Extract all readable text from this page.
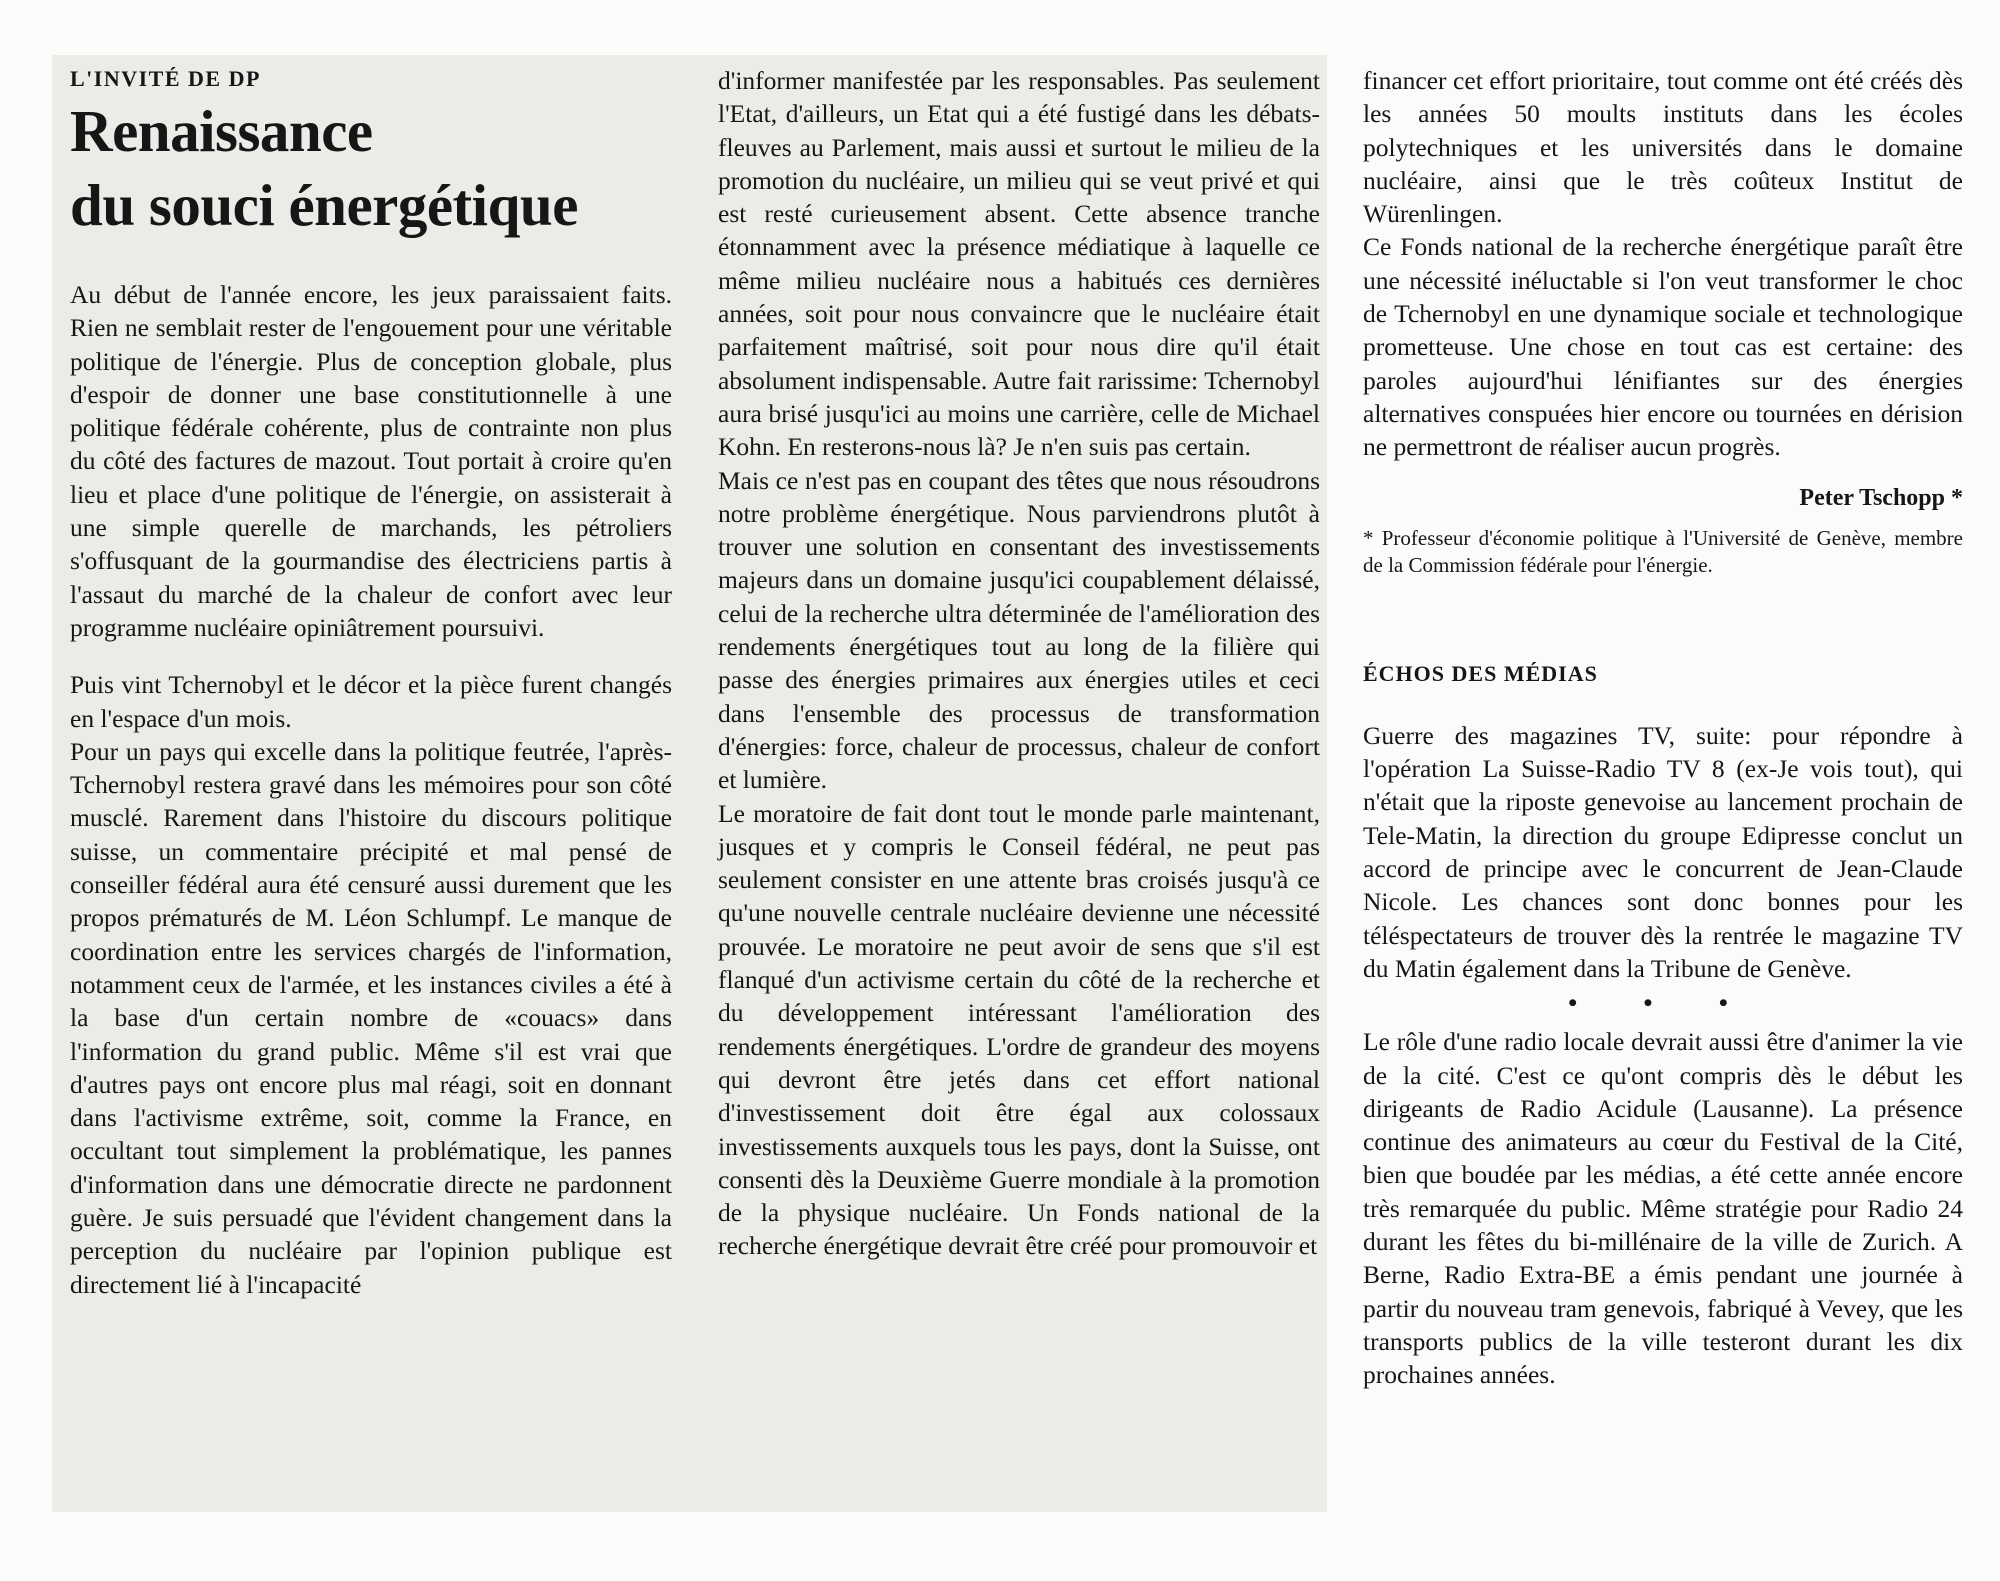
L'INVITÉ DE DP

Renaissance
du souci énergétique

Au début de l'année encore, les jeux paraissaient faits. Rien ne semblait rester de l'engouement pour une véritable politique de l'énergie. Plus de conception globale, plus d'espoir de donner une base constitutionnelle à une politique fédérale cohérente, plus de contrainte non plus du côté des factures de mazout. Tout portait à croire qu'en lieu et place d'une politique de l'énergie, on assisterait à une simple querelle de marchands, les pétroliers s'offusquant de la gourmandise des électriciens partis à l'assaut du marché de la chaleur de confort avec leur programme nucléaire opiniâtrement poursuivi.

Puis vint Tchernobyl et le décor et la pièce furent changés en l'espace d'un mois.

Pour un pays qui excelle dans la politique feutrée, l'après-Tchernobyl restera gravé dans les mémoires pour son côté musclé. Rarement dans l'histoire du discours politique suisse, un commentaire précipité et mal pensé de conseiller fédéral aura été censuré aussi durement que les propos prématurés de M. Léon Schlumpf. Le manque de coordination entre les services chargés de l'information, notamment ceux de l'armée, et les instances civiles a été à la base d'un certain nombre de «couacs» dans l'information du grand public. Même s'il est vrai que d'autres pays ont encore plus mal réagi, soit en donnant dans l'activisme extrême, soit, comme la France, en occultant tout simplement la problématique, les pannes d'information dans une démocratie directe ne pardonnent guère. Je suis persuadé que l'évident changement dans la perception du nucléaire par l'opinion publique est directement lié à l'incapacité

d'informer manifestée par les responsables. Pas seulement l'Etat, d'ailleurs, un Etat qui a été fustigé dans les débats-fleuves au Parlement, mais aussi et surtout le milieu de la promotion du nucléaire, un milieu qui se veut privé et qui est resté curieusement absent. Cette absence tranche étonnamment avec la présence médiatique à laquelle ce même milieu nucléaire nous a habitués ces dernières années, soit pour nous convaincre que le nucléaire était parfaitement maîtrisé, soit pour nous dire qu'il était absolument indispensable. Autre fait rarissime: Tchernobyl aura brisé jusqu'ici au moins une carrière, celle de Michael Kohn. En resterons-nous là? Je n'en suis pas certain.

Mais ce n'est pas en coupant des têtes que nous résoudrons notre problème énergétique. Nous parviendrons plutôt à trouver une solution en consentant des investissements majeurs dans un domaine jusqu'ici coupablement délaissé, celui de la recherche ultra déterminée de l'amélioration des rendements énergétiques tout au long de la filière qui passe des énergies primaires aux énergies utiles et ceci dans l'ensemble des processus de transformation d'énergies: force, chaleur de processus, chaleur de confort et lumière.

Le moratoire de fait dont tout le monde parle maintenant, jusques et y compris le Conseil fédéral, ne peut pas seulement consister en une attente bras croisés jusqu'à ce qu'une nouvelle centrale nucléaire devienne une nécessité prouvée. Le moratoire ne peut avoir de sens que s'il est flanqué d'un activisme certain du côté de la recherche et du développement intéressant l'amélioration des rendements énergétiques. L'ordre de grandeur des moyens qui devront être jetés dans cet effort national d'investissement doit être égal aux colossaux investissements auxquels tous les pays, dont la Suisse, ont consenti dès la Deuxième Guerre mondiale à la promotion de la physique nucléaire. Un Fonds national de la recherche énergétique devrait être créé pour promouvoir et

financer cet effort prioritaire, tout comme ont été créés dès les années 50 moults instituts dans les écoles polytechniques et les universités dans le domaine nucléaire, ainsi que le très coûteux Institut de Würenlingen.

Ce Fonds national de la recherche énergétique paraît être une nécessité inéluctable si l'on veut transformer le choc de Tchernobyl en une dynamique sociale et technologique prometteuse. Une chose en tout cas est certaine: des paroles aujourd'hui lénifiantes sur des énergies alternatives conspuées hier encore ou tournées en dérision ne permettront de réaliser aucun progrès.

Peter Tschopp *

* Professeur d'économie politique à l'Université de Genève, membre de la Commission fédérale pour l'énergie.

ÉCHOS DES MÉDIAS

Guerre des magazines TV, suite: pour répondre à l'opération La Suisse-Radio TV 8 (ex-Je vois tout), qui n'était que la riposte genevoise au lancement prochain de Tele-Matin, la direction du groupe Edipresse conclut un accord de principe avec le concurrent de Jean-Claude Nicole. Les chances sont donc bonnes pour les téléspectateurs de trouver dès la rentrée le magazine TV du Matin également dans la Tribune de Genève.

• • •

Le rôle d'une radio locale devrait aussi être d'animer la vie de la cité. C'est ce qu'ont compris dès le début les dirigeants de Radio Acidule (Lausanne). La présence continue des animateurs au cœur du Festival de la Cité, bien que boudée par les médias, a été cette année encore très remarquée du public. Même stratégie pour Radio 24 durant les fêtes du bi-millénaire de la ville de Zurich. A Berne, Radio Extra-BE a émis pendant une journée à partir du nouveau tram genevois, fabriqué à Vevey, que les transports publics de la ville testeront durant les dix prochaines années.
